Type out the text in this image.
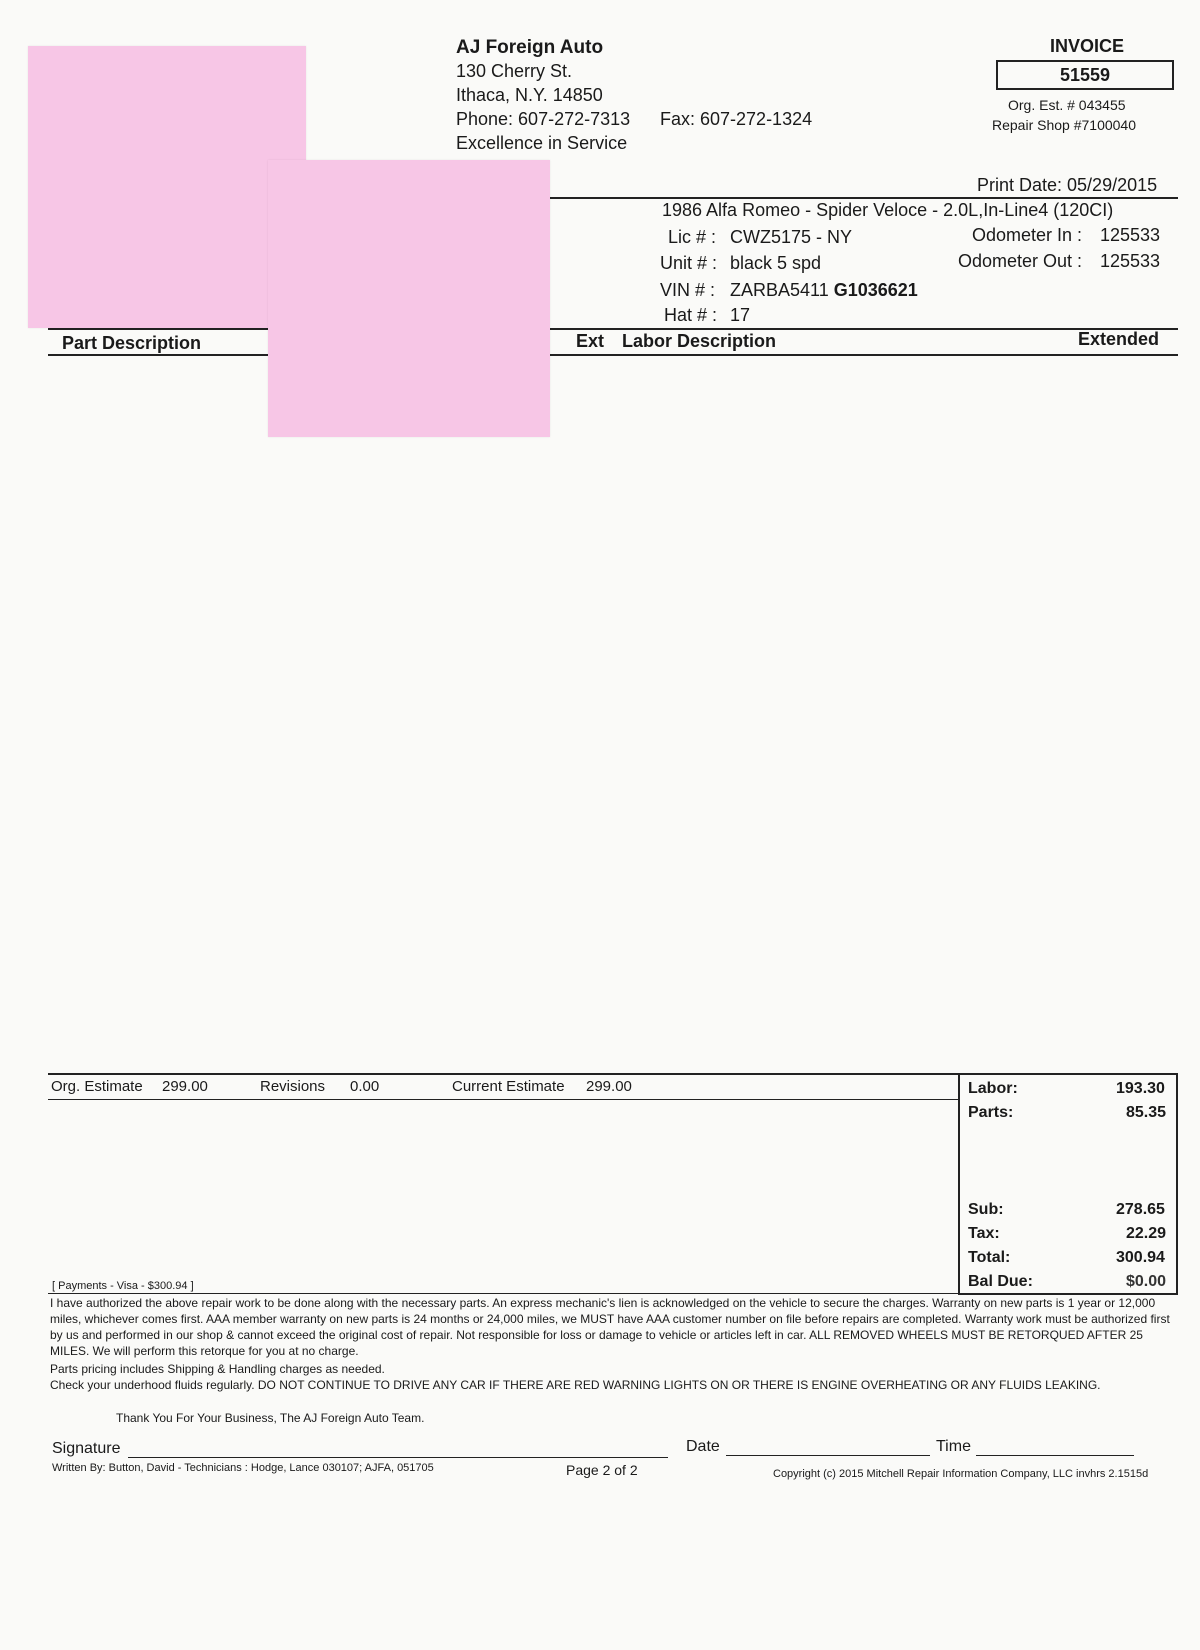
AJ Foreign Auto
130 Cherry St.
Ithaca, N.Y. 14850
Phone: 607-272-7313 Fax: 607-272-1324
Excellence in Service
INVOICE
51559
Org. Est. # 043455
Repair Shop #7100040
Print Date: 05/29/2015
1986 Alfa Romeo - Spider Veloce - 2.0L,In-Line4 (120CI)
Lic # : CWZ5175 - NY
Unit # : black 5 spd
VIN # : ZARBA5411 G1036621
Hat # : 17
Odometer In : 125533
Odometer Out : 125533
Part Description	Ext Labor Description	Extended
Org. Estimate 299.00	Revisions 0.00	Current Estimate 299.00	Labor:	193.30
Parts:	85.35
Sub:	278.65
Tax:	22.29
Total:	300.94
Bal Due:	$0.00
[ Payments - Visa - $300.94 ]
I have authorized the above repair work to be done along with the necessary parts. An express mechanic's lien is acknowledged on the vehicle to secure the charges. Warranty on new parts is 1 year or 12,000 miles, whichever comes first. AAA member warranty on new parts is 24 months or 24,000 miles, we MUST have AAA customer number on file before repairs are completed. Warranty work must be authorized first by us and performed in our shop & cannot exceed the original cost of repair. Not responsible for loss or damage to vehicle or articles left in car. ALL REMOVED WHEELS MUST BE RETORQUED AFTER 25 MILES. We will perform this retorque for you at no charge.
Parts pricing includes Shipping & Handling charges as needed.
Check your underhood fluids regularly. DO NOT CONTINUE TO DRIVE ANY CAR IF THERE ARE RED WARNING LIGHTS ON OR THERE IS ENGINE OVERHEATING OR ANY FLUIDS LEAKING.
Thank You For Your Business, The AJ Foreign Auto Team.
Signature	Date	Time
Written By: Button, David - Technicians : Hodge, Lance 030107; AJFA, 051705	Page 2 of 2	Copyright (c) 2015 Mitchell Repair Information Company, LLC invhrs 2.1515d
